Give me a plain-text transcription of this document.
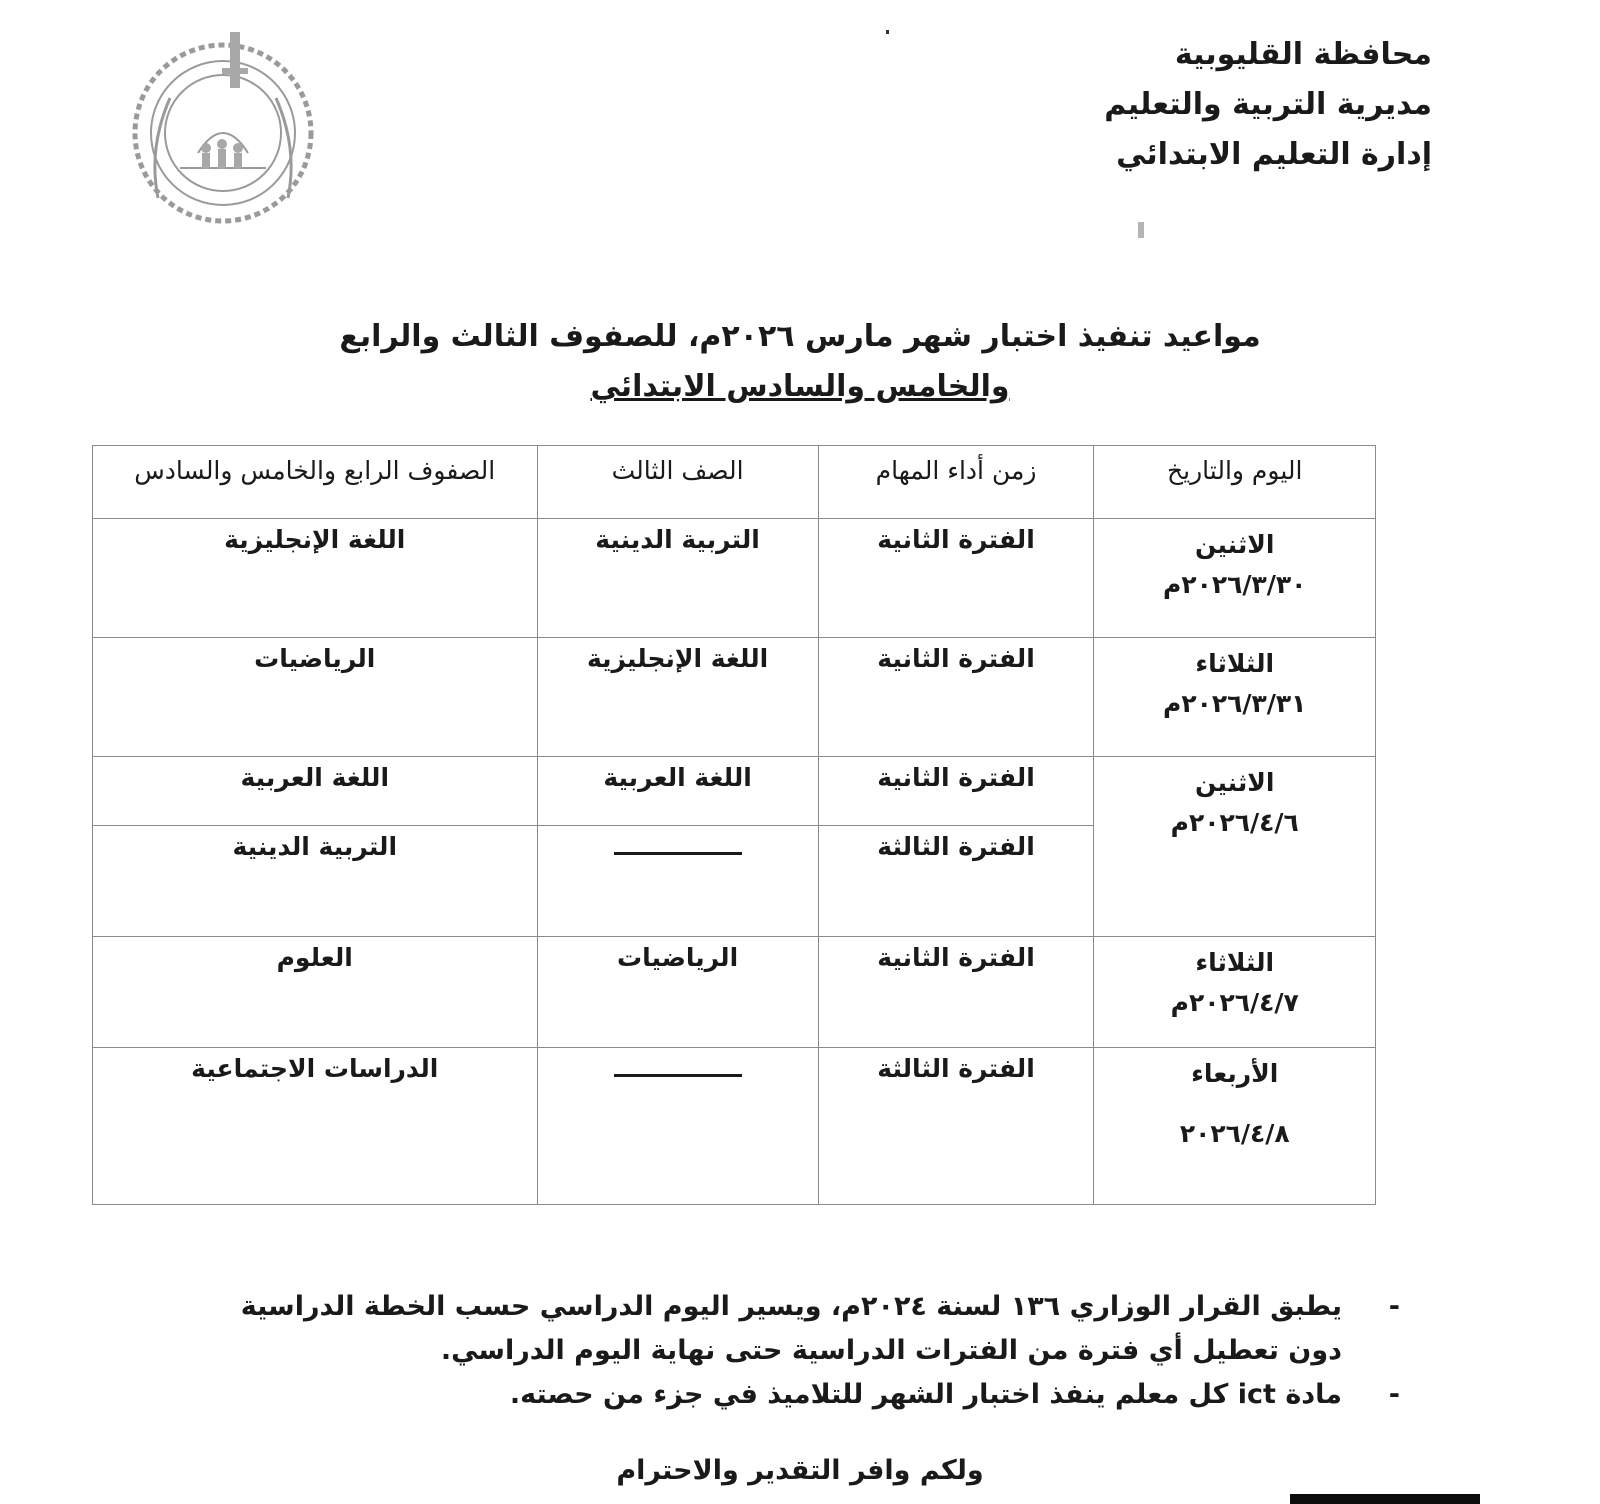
محافظة القليوبية
مديرية التربية والتعليم
إدارة التعليم الابتدائي
مواعيد تنفيذ اختبار شهر مارس ٢٠٢٦م، للصفوف الثالث والرابع
والخامس والسادس الابتدائي
اليوم والتاريخ	زمن أداء المهام	الصف الثالث	الصفوف الرابع والخامس والسادس

الاثنين
٢٠٢٦/٣/٣٠م	الفترة الثانية	التربية الدينية	اللغة الإنجليزية

الثلاثاء
٢٠٢٦/٣/٣١م	الفترة الثانية	اللغة الإنجليزية	الرياضيات

الاثنين
٢٠٢٦/٤/٦م	الفترة الثانية	اللغة العربية	اللغة العربية
	الفترة الثالثة		التربية الدينية

الثلاثاء
٢٠٢٦/٤/٧م	الفترة الثانية	الرياضيات	العلوم

الأربعاء
٢٠٢٦/٤/٨	الفترة الثالثة		الدراسات الاجتماعية
-
يطبق القرار الوزاري ١٣٦ لسنة ٢٠٢٤م، ويسير اليوم الدراسي حسب الخطة الدراسية دون تعطيل أي فترة من الفترات الدراسية حتى نهاية اليوم الدراسي.
-
مادة ict كل معلم ينفذ اختبار الشهر للتلاميذ في جزء من حصته.
ولكم وافر التقدير والاحترام
